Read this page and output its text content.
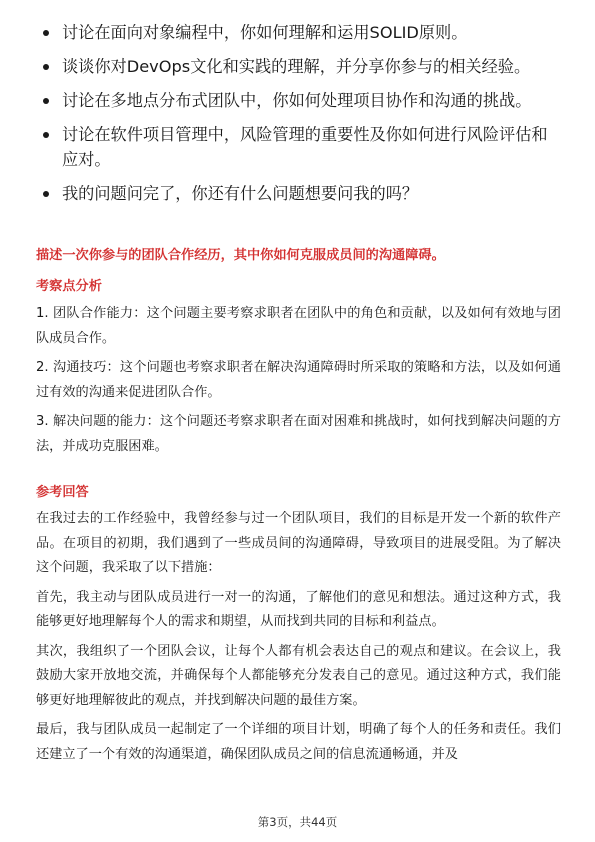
讨论在面向对象编程中，你如何理解和运用SOLID原则。
谈谈你对DevOps文化和实践的理解，并分享你参与的相关经验。
讨论在多地点分布式团队中，你如何处理项目协作和沟通的挑战。
讨论在软件项目管理中，风险管理的重要性及你如何进行风险评估和应对。
我的问题问完了，你还有什么问题想要问我的吗？
描述一次你参与的团队合作经历，其中你如何克服成员间的沟通障碍。
考察点分析

1. 团队合作能力：这个问题主要考察求职者在团队中的角色和贡献，以及如何有效地与团队成员合作。

2. 沟通技巧：这个问题也考察求职者在解决沟通障碍时所采取的策略和方法，以及如何通过有效的沟通来促进团队合作。

3. 解决问题的能力：这个问题还考察求职者在面对困难和挑战时，如何找到解决问题的方法，并成功克服困难。

参考回答

在我过去的工作经验中，我曾经参与过一个团队项目，我们的目标是开发一个新的软件产品。在项目的初期，我们遇到了一些成员间的沟通障碍，导致项目的进展受阻。为了解决这个问题，我采取了以下措施：

首先，我主动与团队成员进行一对一的沟通，了解他们的意见和想法。通过这种方式，我能够更好地理解每个人的需求和期望，从而找到共同的目标和利益点。

其次，我组织了一个团队会议，让每个人都有机会表达自己的观点和建议。在会议上，我鼓励大家开放地交流，并确保每个人都能够充分发表自己的意见。通过这种方式，我们能够更好地理解彼此的观点，并找到解决问题的最佳方案。

最后，我与团队成员一起制定了一个详细的项目计划，明确了每个人的任务和责任。我们还建立了一个有效的沟通渠道，确保团队成员之间的信息流通畅通，并及

第3页，共44页
